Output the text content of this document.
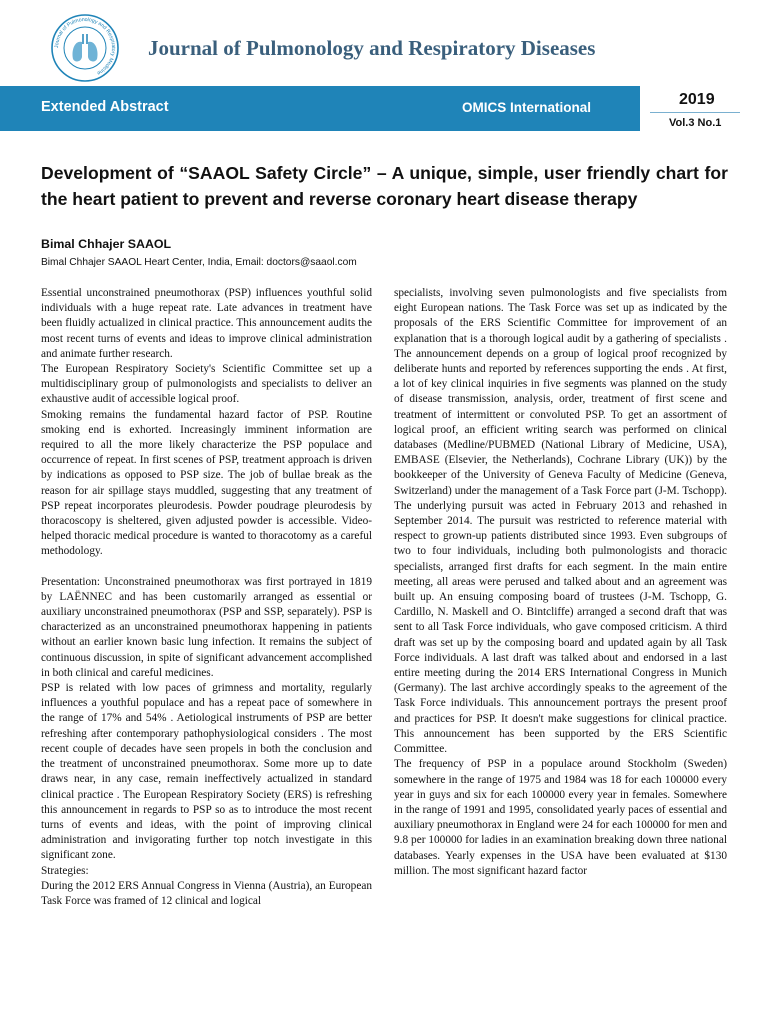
Journal of Pulmonology and Respiratory Medicine
Journal of Pulmonology and Respiratory Diseases
Extended Abstract	OMICS International	2019
Vol.3 No.1
Development of “SAAOL Safety Circle” – A unique, simple, user friendly chart for the heart patient to prevent and reverse coronary heart disease therapy
Bimal Chhajer SAAOL
Bimal Chhajer SAAOL Heart Center, India, Email: doctors@saaol.com

Essential unconstrained pneumothorax (PSP) influences youthful solid individuals with a huge repeat rate. Late advances in treatment have been fluidly actualized in clinical practice. This announcement audits the most recent turns of events and ideas to improve clinical administration and animate further research.

The European Respiratory Society's Scientific Committee set up a multidisciplinary group of pulmonologists and specialists to deliver an exhaustive audit of accessible logical proof.

Smoking remains the fundamental hazard factor of PSP. Routine smoking end is exhorted. Increasingly imminent information are required to all the more likely characterize the PSP populace and occurrence of repeat. In first scenes of PSP, treatment approach is driven by indications as opposed to PSP size. The job of bullae break as the reason for air spillage stays muddled, suggesting that any treatment of PSP repeat incorporates pleurodesis. Powder poudrage pleurodesis by thoracoscopy is sheltered, given adjusted powder is accessible. Video-helped thoracic medical procedure is wanted to thoracotomy as a careful methodology.

Presentation: Unconstrained pneumothorax was first portrayed in 1819 by LAËNNEC and has been customarily arranged as essential or auxiliary unconstrained pneumothorax (PSP and SSP, separately). PSP is characterized as an unconstrained pneumothorax happening in patients without an earlier known basic lung infection. It remains the subject of continuous discussion, in spite of significant advancement accomplished in both clinical and careful medicines.

PSP is related with low paces of grimness and mortality, regularly influences a youthful populace and has a repeat pace of somewhere in the range of 17% and 54% . Aetiological instruments of PSP are better refreshing after contemporary pathophysiological considers . The most recent couple of decades have seen propels in both the conclusion and the treatment of unconstrained pneumothorax. Some more up to date draws near, in any case, remain ineffectively actualized in standard clinical practice . The European Respiratory Society (ERS) is refreshing this announcement in regards to PSP so as to introduce the most recent turns of events and ideas, with the point of improving clinical administration and invigorating further top notch investigate in this significant zone.

Strategies:

During the 2012 ERS Annual Congress in Vienna (Austria), an European Task Force was framed of 12 clinical and logical

specialists, involving seven pulmonologists and five specialists from eight European nations. The Task Force was set up as indicated by the proposals of the ERS Scientific Committee for improvement of an explanation that is a thorough logical audit by a gathering of specialists . The announcement depends on a group of logical proof recognized by deliberate hunts and reported by references supporting the ends . At first, a lot of key clinical inquiries in five segments was planned on the study of disease transmission, analysis, order, treatment of first scene and treatment of intermittent or convoluted PSP. To get an assortment of logical proof, an efficient writing search was performed on clinical databases (Medline/PUBMED (National Library of Medicine, USA), EMBASE (Elsevier, the Netherlands), Cochrane Library (UK)) by the bookkeeper of the University of Geneva Faculty of Medicine (Geneva, Switzerland) under the management of a Task Force part (J-M. Tschopp). The underlying pursuit was acted in February 2013 and rehashed in September 2014. The pursuit was restricted to reference material with respect to grown-up patients distributed since 1993. Even subgroups of two to four individuals, including both pulmonologists and thoracic specialists, arranged first drafts for each segment. In the main entire meeting, all areas were perused and talked about and an agreement was built up. An ensuing composing board of trustees (J-M. Tschopp, G. Cardillo, N. Maskell and O. Bintcliffe) arranged a second draft that was sent to all Task Force individuals, who gave composed criticism. A third draft was set up by the composing board and updated again by all Task Force individuals. A last draft was talked about and endorsed in a last entire meeting during the 2014 ERS International Congress in Munich (Germany). The last archive accordingly speaks to the agreement of the Task Force individuals. This announcement portrays the present proof and practices for PSP. It doesn't make suggestions for clinical practice. This announcement has been supported by the ERS Scientific Committee.

The frequency of PSP in a populace around Stockholm (Sweden) somewhere in the range of 1975 and 1984 was 18 for each 100000 every year in guys and six for each 100000 every year in females. Somewhere in the range of 1991 and 1995, consolidated yearly paces of essential and auxiliary pneumothorax in England were 24 for each 100000 for men and 9.8 per 100000 for ladies in an examination breaking down three national databases. Yearly expenses in the USA have been evaluated at $130 million. The most significant hazard factor
